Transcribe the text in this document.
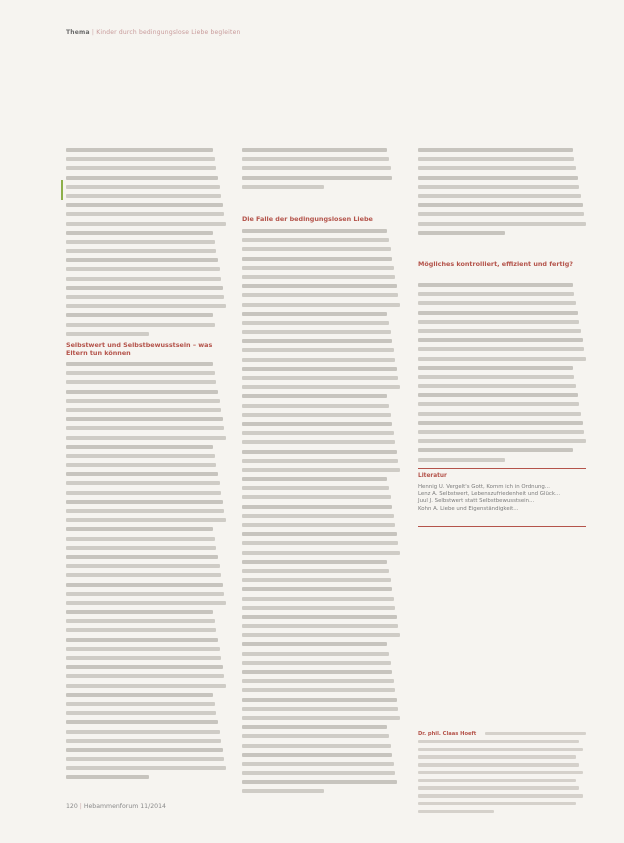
Thema | Kinder durch bedingungslose Liebe begleiten
Selbstwert und Selbstbewusstsein – was Eltern tun können
Die Falle der bedingungslosen Liebe
Mögliches kontrolliert, effizient und fertig?
Literatur
Hennig U. Vergelt's Gott, Komm ich in Ordnung...
Lenz A. Selbstwert, Lebenszufriedenheit und Glück...
Juul J. Selbstwert statt Selbstbewusstsein...
Kohn A. Liebe und Eigenständigkeit...
Dr. phil. Claas Hoeft
120 | Hebammenforum 11/2014
